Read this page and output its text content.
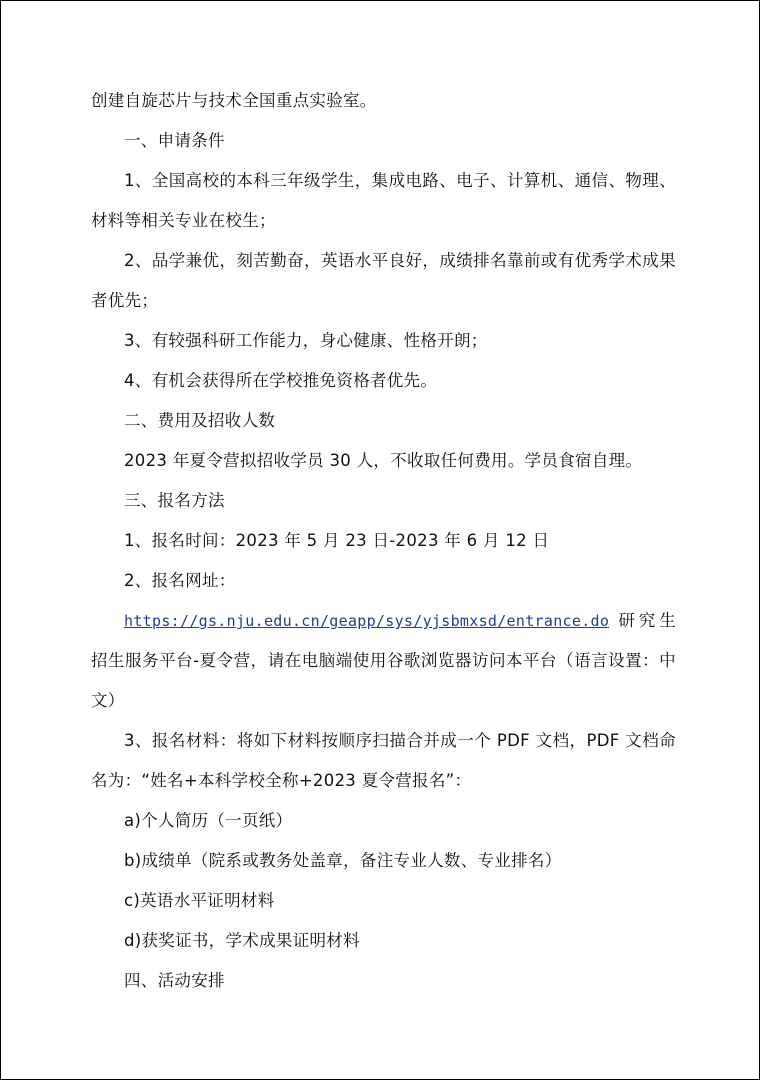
创建自旋芯片与技术全国重点实验室。

一、申请条件

1、全国高校的本科三年级学生，集成电路、电子、计算机、通信、物理、材料等相关专业在校生；

2、品学兼优，刻苦勤奋，英语水平良好，成绩排名靠前或有优秀学术成果者优先；

3、有较强科研工作能力，身心健康、性格开朗；

4、有机会获得所在学校推免资格者优先。

二、费用及招收人数

2023 年夏令营拟招收学员 30 人，不收取任何费用。学员食宿自理。

三、报名方法

1、报名时间：2023 年 5 月 23 日-2023 年 6 月 12 日

2、报名网址：

https://gs.nju.edu.cn/geapp/sys/yjsbmxsd/entrance.do 研究生招生服务平台-夏令营，请在电脑端使用谷歌浏览器访问本平台（语言设置：中文）

3、报名材料：将如下材料按顺序扫描合并成一个 PDF 文档，PDF 文档命名为：“姓名+本科学校全称+2023 夏令营报名”：

a)个人简历（一页纸）

b)成绩单（院系或教务处盖章，备注专业人数、专业排名）

c)英语水平证明材料

d)获奖证书，学术成果证明材料

四、活动安排
